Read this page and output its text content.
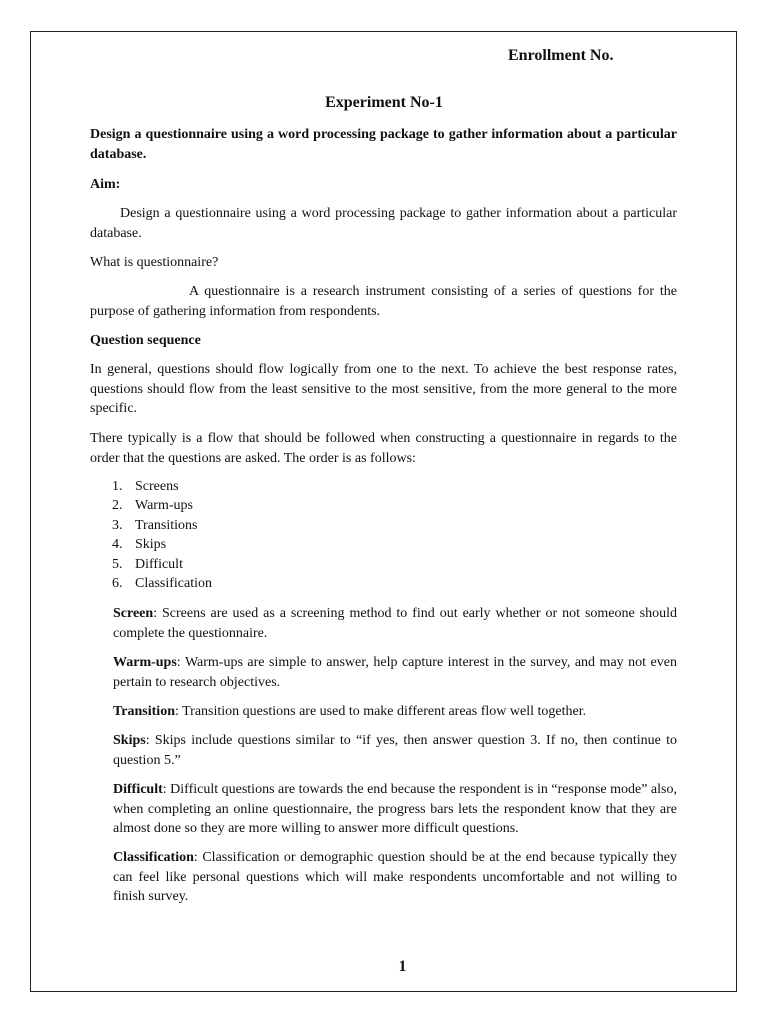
Enrollment No.
Experiment No-1

Design a questionnaire using a word processing package to gather information about a particular database.

Aim:

Design a questionnaire using a word processing package to gather information about a particular database.

What is questionnaire?

A questionnaire is a research instrument consisting of a series of questions for the purpose of gathering information from respondents.

Question sequence

In general, questions should flow logically from one to the next. To achieve the best response rates, questions should flow from the least sensitive to the most sensitive, from the more general to the more specific.

There typically is a flow that should be followed when constructing a questionnaire in regards to the order that the questions are asked. The order is as follows:

1. Screens
2. Warm-ups
3. Transitions
4. Skips
5. Difficult
6. Classification

Screen: Screens are used as a screening method to find out early whether or not someone should complete the questionnaire.

Warm-ups: Warm-ups are simple to answer, help capture interest in the survey, and may not even pertain to research objectives.

Transition: Transition questions are used to make different areas flow well together.

Skips: Skips include questions similar to “if yes, then answer question 3. If no, then continue to question 5.”

Difficult: Difficult questions are towards the end because the respondent is in “response mode” also, when completing an online questionnaire, the progress bars lets the respondent know that they are almost done so they are more willing to answer more difficult questions.

Classification: Classification or demographic question should be at the end because typically they can feel like personal questions which will make respondents uncomfortable and not willing to finish survey.

1
